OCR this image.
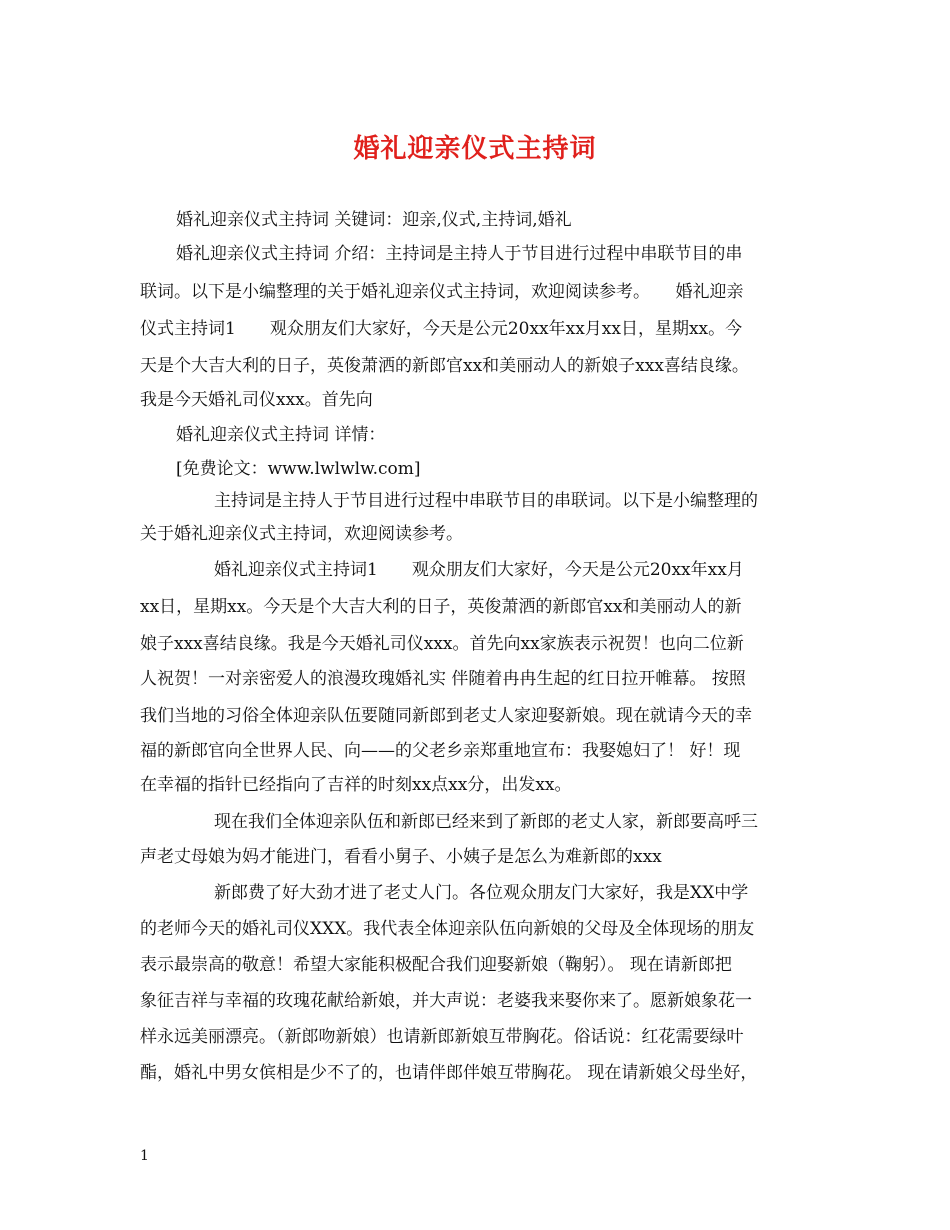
婚礼迎亲仪式主持词
婚礼迎亲仪式主持词 关键词：迎亲,仪式,主持词,婚礼
婚礼迎亲仪式主持词 介绍：主持词是主持人于节目进行过程中串联节目的串
联词。以下是小编整理的关于婚礼迎亲仪式主持词，欢迎阅读参考。　　婚礼迎亲
仪式主持词1　　观众朋友们大家好，今天是公元20xx年xx月xx日，星期xx。今
天是个大吉大利的日子，英俊萧洒的新郎官xx和美丽动人的新娘子xxx喜结良缘。
我是今天婚礼司仪xxx。首先向
婚礼迎亲仪式主持词 详情：
[免费论文：www.lwlwlw.com]
主持词是主持人于节目进行过程中串联节目的串联词。以下是小编整理的
关于婚礼迎亲仪式主持词，欢迎阅读参考。
婚礼迎亲仪式主持词1　　观众朋友们大家好，今天是公元20xx年xx月
xx日，星期xx。今天是个大吉大利的日子，英俊萧洒的新郎官xx和美丽动人的新
娘子xxx喜结良缘。我是今天婚礼司仪xxx。首先向xx家族表示祝贺！也向二位新
人祝贺！一对亲密爱人的浪漫玫瑰婚礼实 伴随着冉冉生起的红日拉开帷幕。 按照
我们当地的习俗全体迎亲队伍要随同新郎到老丈人家迎娶新娘。现在就请今天的幸
福的新郎官向全世界人民、向——的父老乡亲郑重地宣布：我娶媳妇了！ 好！现
在幸福的指针已经指向了吉祥的时刻xx点xx分，出发xx。
现在我们全体迎亲队伍和新郎已经来到了新郎的老丈人家，新郎要高呼三
声老丈母娘为妈才能进门，看看小舅子、小姨子是怎么为难新郎的xxx
新郎费了好大劲才进了老丈人门。各位观众朋友门大家好，我是XX中学
的老师今天的婚礼司仪XXX。我代表全体迎亲队伍向新娘的父母及全体现场的朋友
表示最崇高的敬意！希望大家能积极配合我们迎娶新娘（鞠躬）。 现在请新郎把
象征吉祥与幸福的玫瑰花献给新娘，并大声说：老婆我来娶你来了。愿新娘象花一
样永远美丽漂亮。（新郎吻新娘）也请新郎新娘互带胸花。俗话说：红花需要绿叶
酯，婚礼中男女傧相是少不了的，也请伴郎伴娘互带胸花。 现在请新娘父母坐好，
1
